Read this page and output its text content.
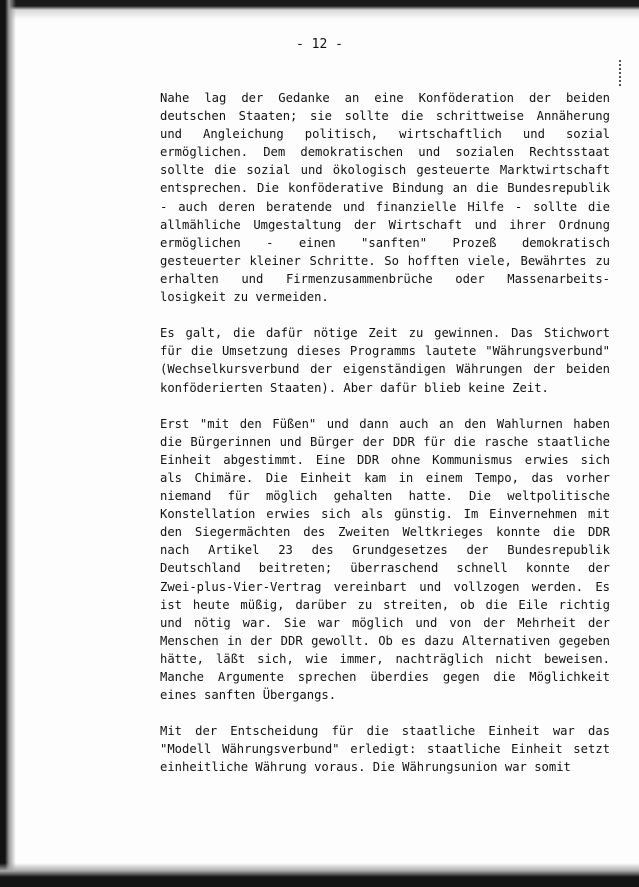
- 12 -
Nahe lag der Gedanke an eine Konföderation der beiden
deutschen Staaten; sie sollte die schrittweise Annäherung
und Angleichung politisch, wirtschaftlich und sozial
ermöglichen. Dem demokratischen und sozialen Rechtsstaat
sollte die sozial und ökologisch gesteuerte Marktwirtschaft
entsprechen. Die konföderative Bindung an die Bundesrepublik
- auch deren beratende und finanzielle Hilfe - sollte die
allmähliche Umgestaltung der Wirtschaft und ihrer Ordnung
ermöglichen - einen "sanften" Prozeß demokratisch
gesteuerter kleiner Schritte. So hofften viele, Bewährtes zu
erhalten und Firmenzusammenbrüche oder Massenarbeits-
losigkeit zu vermeiden.
Es galt, die dafür nötige Zeit zu gewinnen. Das Stichwort
für die Umsetzung dieses Programms lautete "Währungsverbund"
(Wechselkursverbund der eigenständigen Währungen der beiden
konföderierten Staaten). Aber dafür blieb keine Zeit.
Erst "mit den Füßen" und dann auch an den Wahlurnen haben
die Bürgerinnen und Bürger der DDR für die rasche staatliche
Einheit abgestimmt. Eine DDR ohne Kommunismus erwies sich
als Chimäre. Die Einheit kam in einem Tempo, das vorher
niemand für möglich gehalten hatte. Die weltpolitische
Konstellation erwies sich als günstig. Im Einvernehmen mit
den Siegermächten des Zweiten Weltkrieges konnte die DDR
nach Artikel 23 des Grundgesetzes der Bundesrepublik
Deutschland beitreten; überraschend schnell konnte der
Zwei-plus-Vier-Vertrag vereinbart und vollzogen werden. Es
ist heute müßig, darüber zu streiten, ob die Eile richtig
und nötig war. Sie war möglich und von der Mehrheit der
Menschen in der DDR gewollt. Ob es dazu Alternativen gegeben
hätte, läßt sich, wie immer, nachträglich nicht beweisen.
Manche Argumente sprechen überdies gegen die Möglichkeit
eines sanften Übergangs.
Mit der Entscheidung für die staatliche Einheit war das
"Modell Währungsverbund" erledigt: staatliche Einheit setzt
einheitliche Währung voraus. Die Währungsunion war somit
